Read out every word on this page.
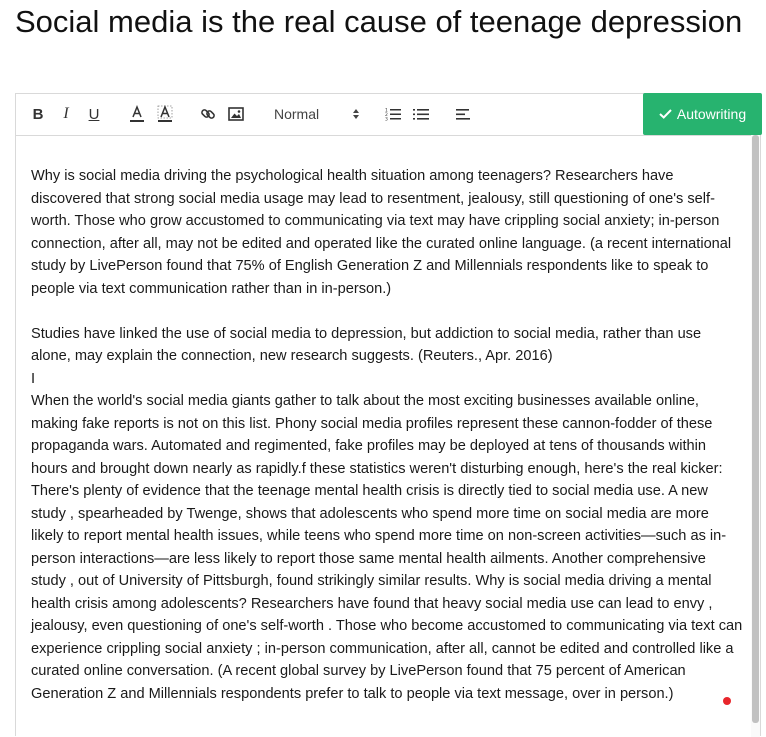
Social media is the real cause of teenage depression
B	I	U	Normal	1
2
3	Autowriting

Why is social media driving the psychological health situation among teenagers? Researchers have discovered that strong social media usage may lead to resentment, jealousy, still questioning of one's self-worth. Those who grow accustomed to communicating via text may have crippling social anxiety; in-person connection, after all, may not be edited and operated like the curated online language. (a recent international study by LivePerson found that 75% of English Generation Z and Millennials respondents like to speak to people via text communication rather than in in-person.)

Studies have linked the use of social media to depression, but addiction to social media, rather than use alone, may explain the connection, new research suggests. (Reuters., Apr. 2016)
I
When the world's social media giants gather to talk about the most exciting businesses available online, making fake reports is not on this list. Phony social media profiles represent these cannon-fodder of these propaganda wars. Automated and regimented, fake profiles may be deployed at tens of thousands within hours and brought down nearly as rapidly.f these statistics weren't disturbing enough, here's the real kicker: There's plenty of evidence that the teenage mental health crisis is directly tied to social media use. A new study , spearheaded by Twenge, shows that adolescents who spend more time on social media are more likely to report mental health issues, while teens who spend more time on non-screen activities—such as in-person interactions—are less likely to report those same mental health ailments. Another comprehensive study , out of University of Pittsburgh, found strikingly similar results. Why is social media driving a mental health crisis among adolescents? Researchers have found that heavy social media use can lead to envy , jealousy, even questioning of one's self-worth . Those who become accustomed to communicating via text can experience crippling social anxiety ; in-person communication, after all, cannot be edited and controlled like a curated online conversation. (A recent global survey by LivePerson found that 75 percent of American Generation Z and Millennials respondents prefer to talk to people via text message, over in person.)
